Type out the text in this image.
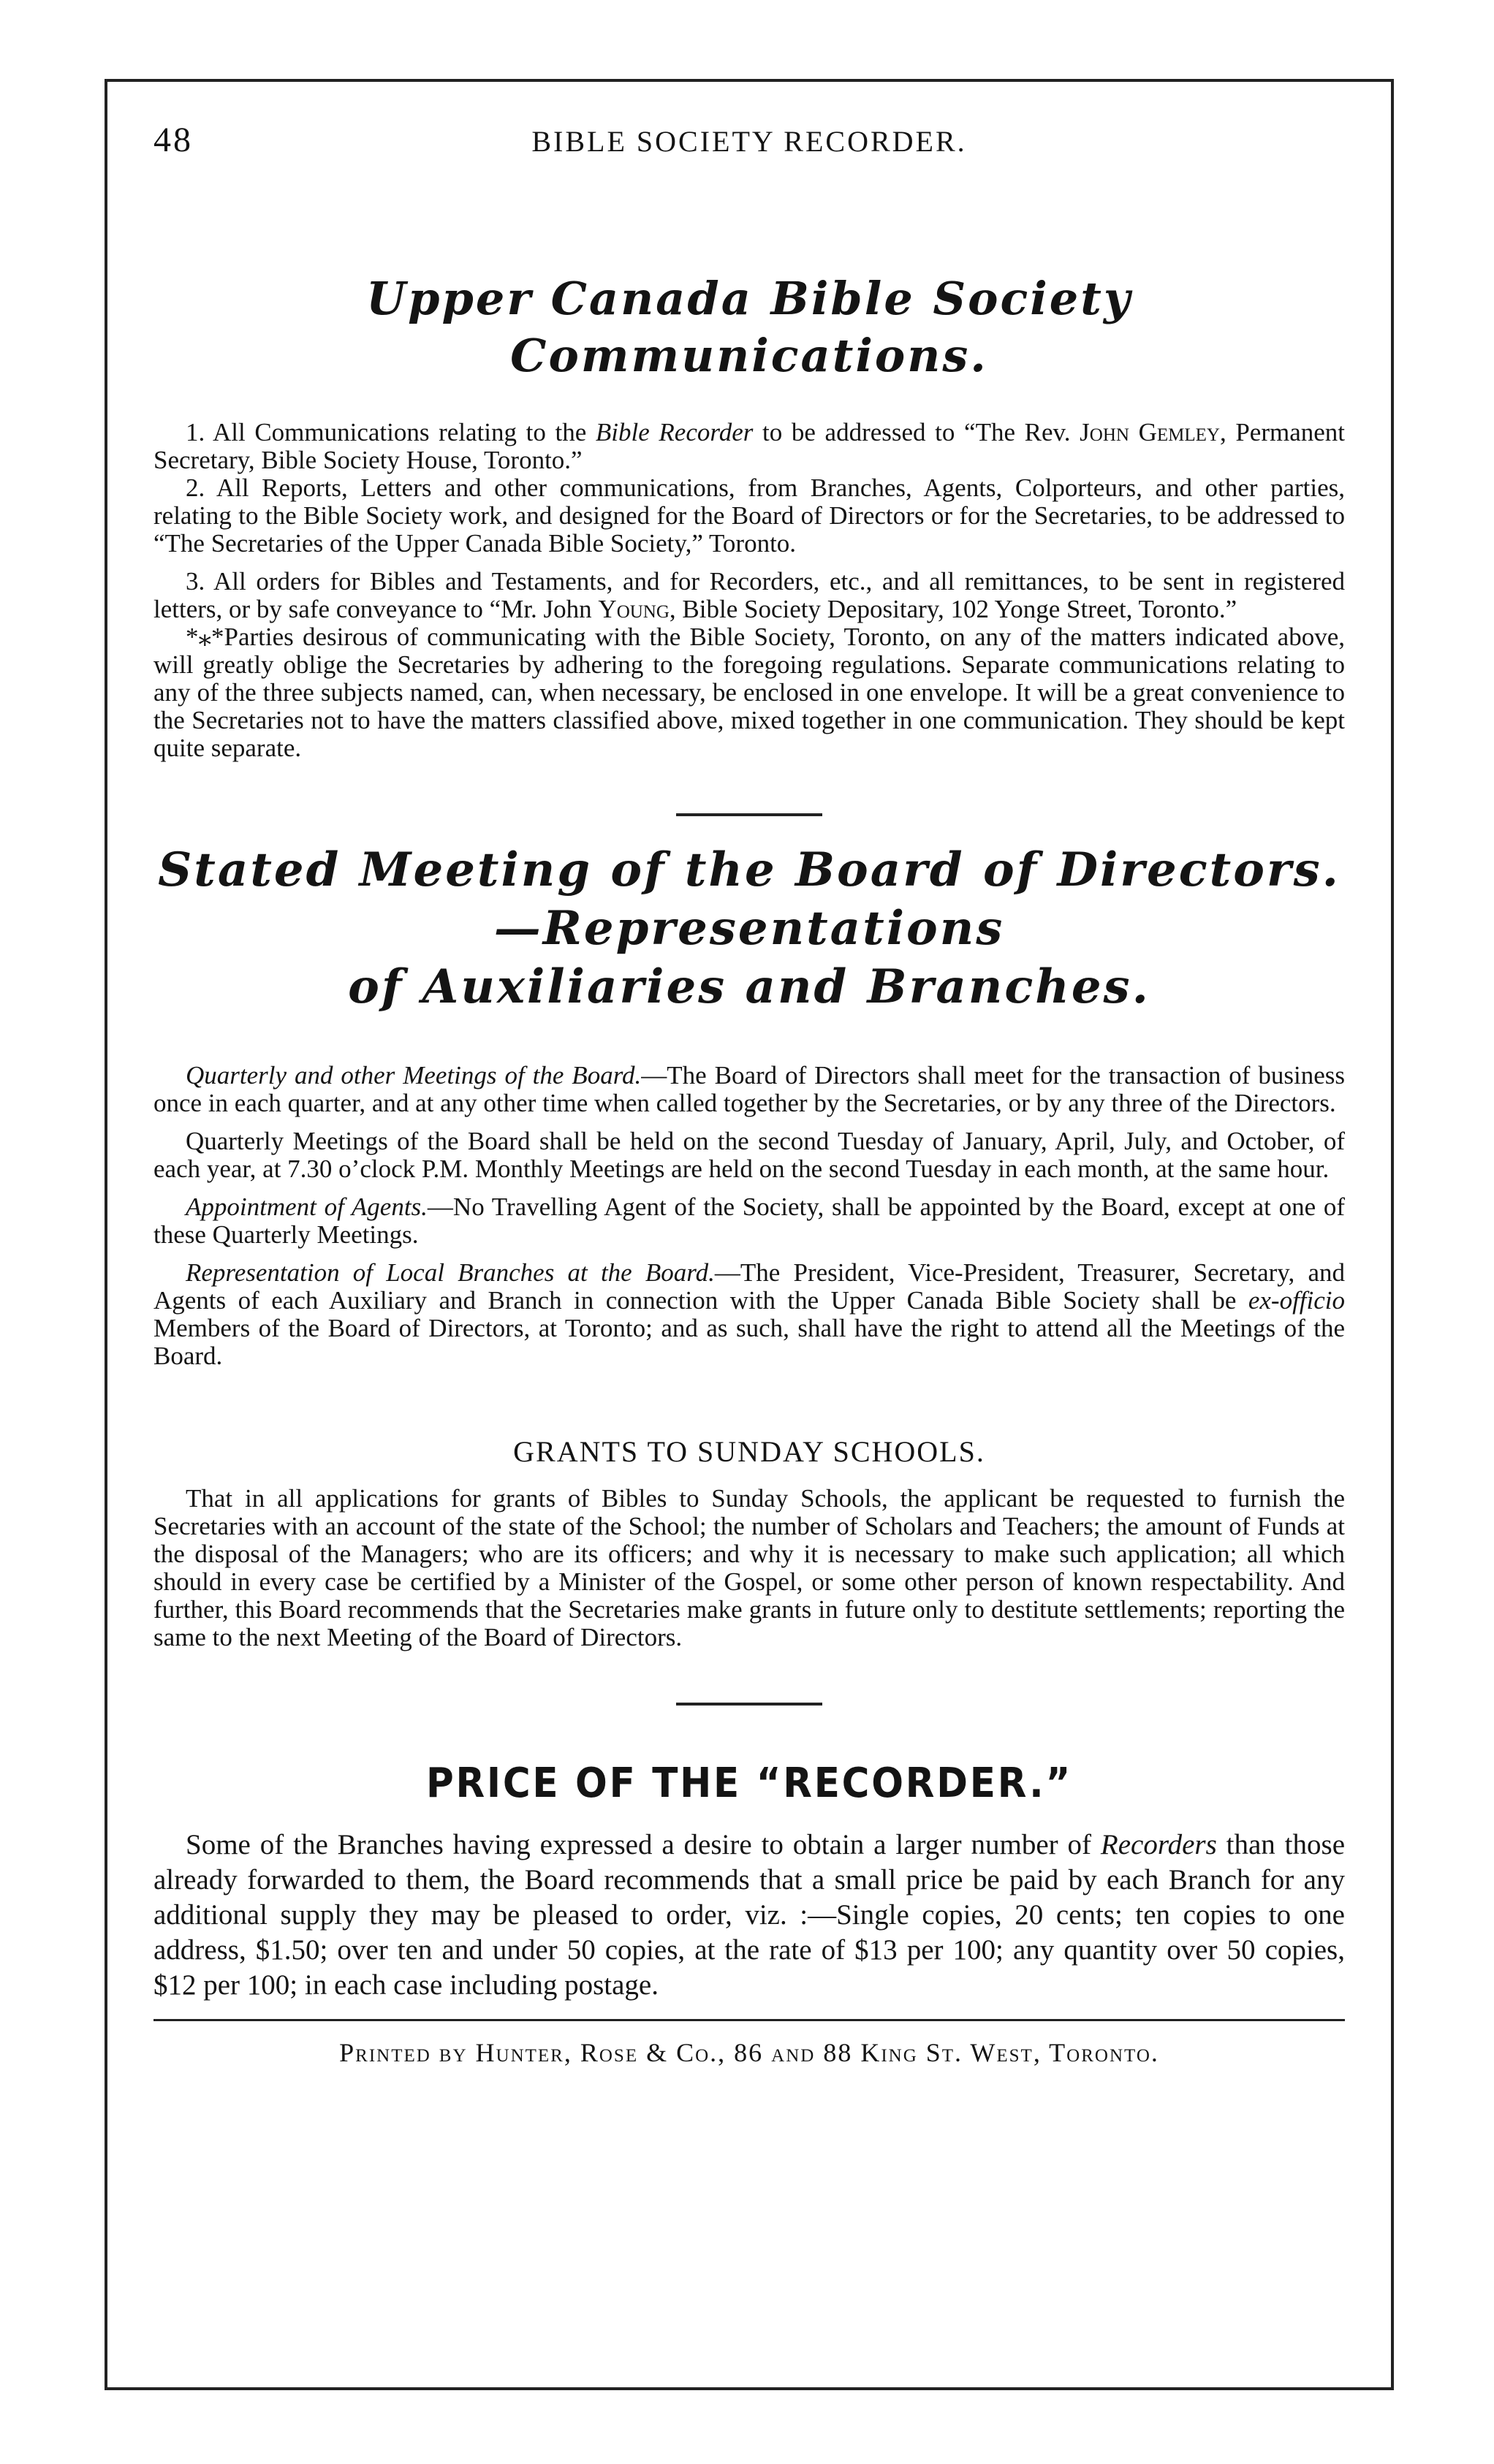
48	BIBLE SOCIETY RECORDER.
Upper Canada Bible Society Communications.

1. All Communications relating to the Bible Recorder to be addressed to “The Rev. John Gemley, Permanent Secretary, Bible Society House, Toronto.”

2. All Reports, Letters and other communications, from Branches, Agents, Colporteurs, and other parties, relating to the Bible Society work, and designed for the Board of Directors or for the Secretaries, to be addressed to “The Secretaries of the Upper Canada Bible Society,” Toronto.

3. All orders for Bibles and Testaments, and for Recorders, etc., and all remittances, to be sent in registered letters, or by safe conveyance to “Mr. John Young, Bible Society Depositary, 102 Yonge Street, Toronto.”

*⁎*Parties desirous of communicating with the Bible Society, Toronto, on any of the matters indicated above, will greatly oblige the Secretaries by adhering to the foregoing regulations. Separate communications relating to any of the three subjects named, can, when necessary, be enclosed in one envelope. It will be a great convenience to the Secretaries not to have the matters classified above, mixed together in one communication. They should be kept quite separate.

Stated Meeting of the Board of Directors.—Representations
of Auxiliaries and Branches.

Quarterly and other Meetings of the Board.—The Board of Directors shall meet for the transaction of business once in each quarter, and at any other time when called together by the Secretaries, or by any three of the Directors.

Quarterly Meetings of the Board shall be held on the second Tuesday of January, April, July, and October, of each year, at 7.30 o’clock P.M. Monthly Meetings are held on the second Tuesday in each month, at the same hour.

Appointment of Agents.—No Travelling Agent of the Society, shall be appointed by the Board, except at one of these Quarterly Meetings.

Representation of Local Branches at the Board.—The President, Vice-President, Treasurer, Secretary, and Agents of each Auxiliary and Branch in connection with the Upper Canada Bible Society shall be ex-officio Members of the Board of Directors, at Toronto; and as such, shall have the right to attend all the Meetings of the Board.

GRANTS TO SUNDAY SCHOOLS.

That in all applications for grants of Bibles to Sunday Schools, the applicant be requested to furnish the Secretaries with an account of the state of the School; the number of Scholars and Teachers; the amount of Funds at the disposal of the Managers; who are its officers; and why it is necessary to make such application; all which should in every case be certified by a Minister of the Gospel, or some other person of known respectability. And further, this Board recommends that the Secretaries make grants in future only to destitute settlements; reporting the same to the next Meeting of the Board of Directors.

PRICE OF THE “RECORDER.”

Some of the Branches having expressed a desire to obtain a larger number of Recorders than those already forwarded to them, the Board recommends that a small price be paid by each Branch for any additional supply they may be pleased to order, viz. :—Single copies, 20 cents; ten copies to one address, $1.50; over ten and under 50 copies, at the rate of $13 per 100; any quantity over 50 copies, $12 per 100; in each case including postage.

Printed by Hunter, Rose & Co., 86 and 88 King St. West, Toronto.
